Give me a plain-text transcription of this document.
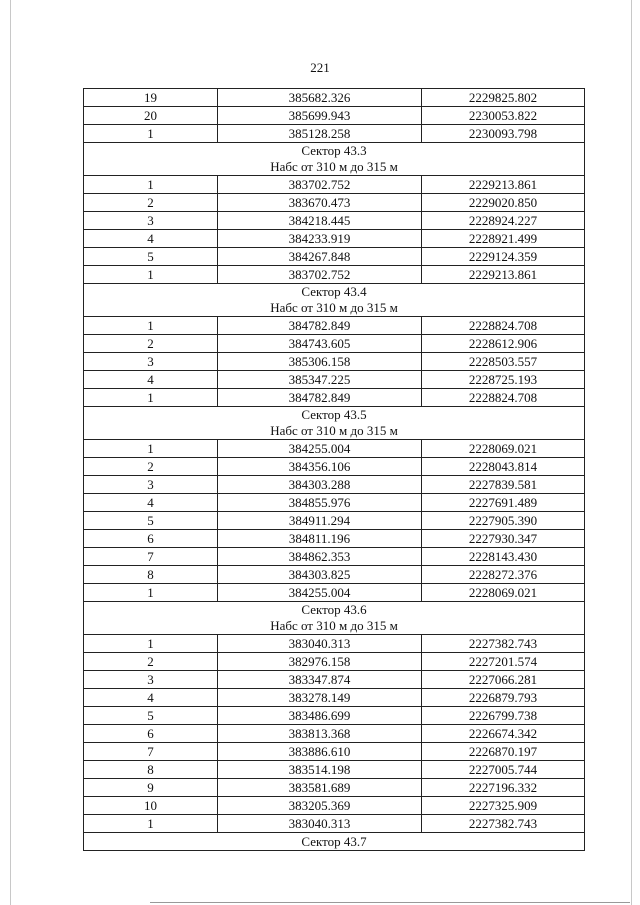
221
19	385682.326	2229825.802
20	385699.943	2230053.822
1	385128.258	2230093.798

Сектор 43.3
Набс от 310 м до 315 м		

1	383702.752	2229213.861
2	383670.473	2229020.850
3	384218.445	2228924.227
4	384233.919	2228921.499
5	384267.848	2229124.359
1	383702.752	2229213.861

Сектор 43.4
Набс от 310 м до 315 м		

1	384782.849	2228824.708
2	384743.605	2228612.906
3	385306.158	2228503.557
4	385347.225	2228725.193
1	384782.849	2228824.708

Сектор 43.5
Набс от 310 м до 315 м		

1	384255.004	2228069.021
2	384356.106	2228043.814
3	384303.288	2227839.581
4	384855.976	2227691.489
5	384911.294	2227905.390
6	384811.196	2227930.347
7	384862.353	2228143.430
8	384303.825	2228272.376
1	384255.004	2228069.021

Сектор 43.6
Набс от 310 м до 315 м		

1	383040.313	2227382.743
2	382976.158	2227201.574
3	383347.874	2227066.281
4	383278.149	2226879.793
5	383486.699	2226799.738
6	383813.368	2226674.342
7	383886.610	2226870.197
8	383514.198	2227005.744
9	383581.689	2227196.332
10	383205.369	2227325.909
1	383040.313	2227382.743

Сектор 43.7		
